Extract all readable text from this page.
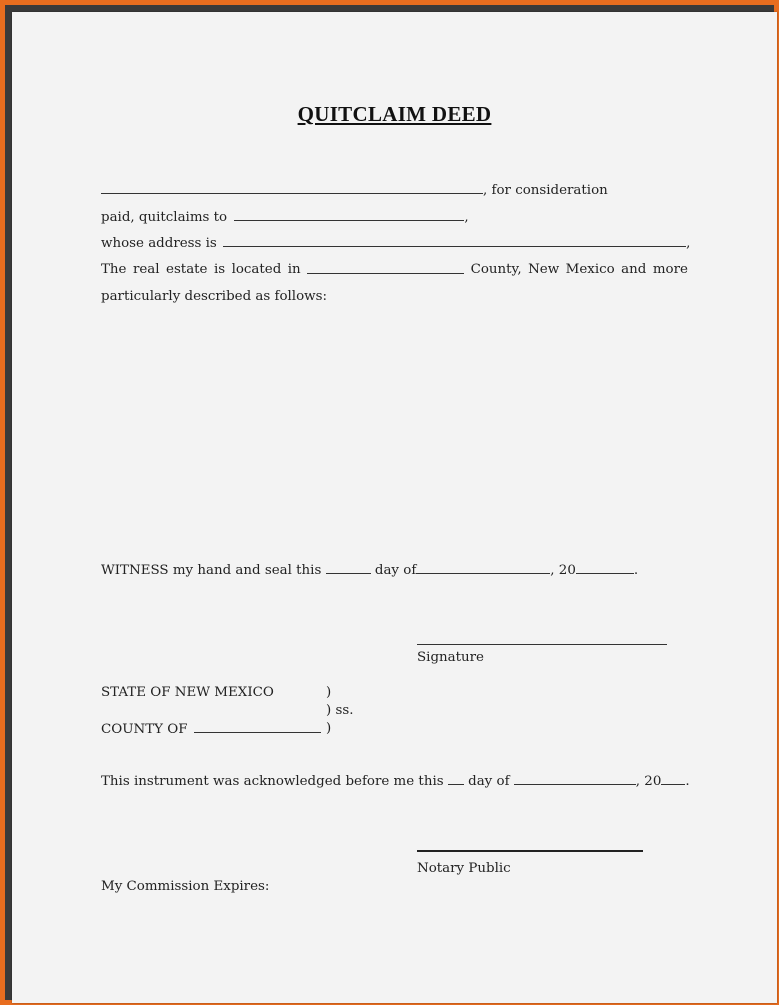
QUITCLAIM DEED
, for consideration
paid, quitclaims to	,
whose address is	,
The real estate is located in	County, New Mexico and more
particularly described as follows:
WITNESS my hand and seal this	day of	, 20	.
Signature
STATE OF NEW MEXICO	)
) ss.
COUNTY OF	)
This instrument was acknowledged before me this day of	, 20 .
Notary Public
My Commission Expires:
